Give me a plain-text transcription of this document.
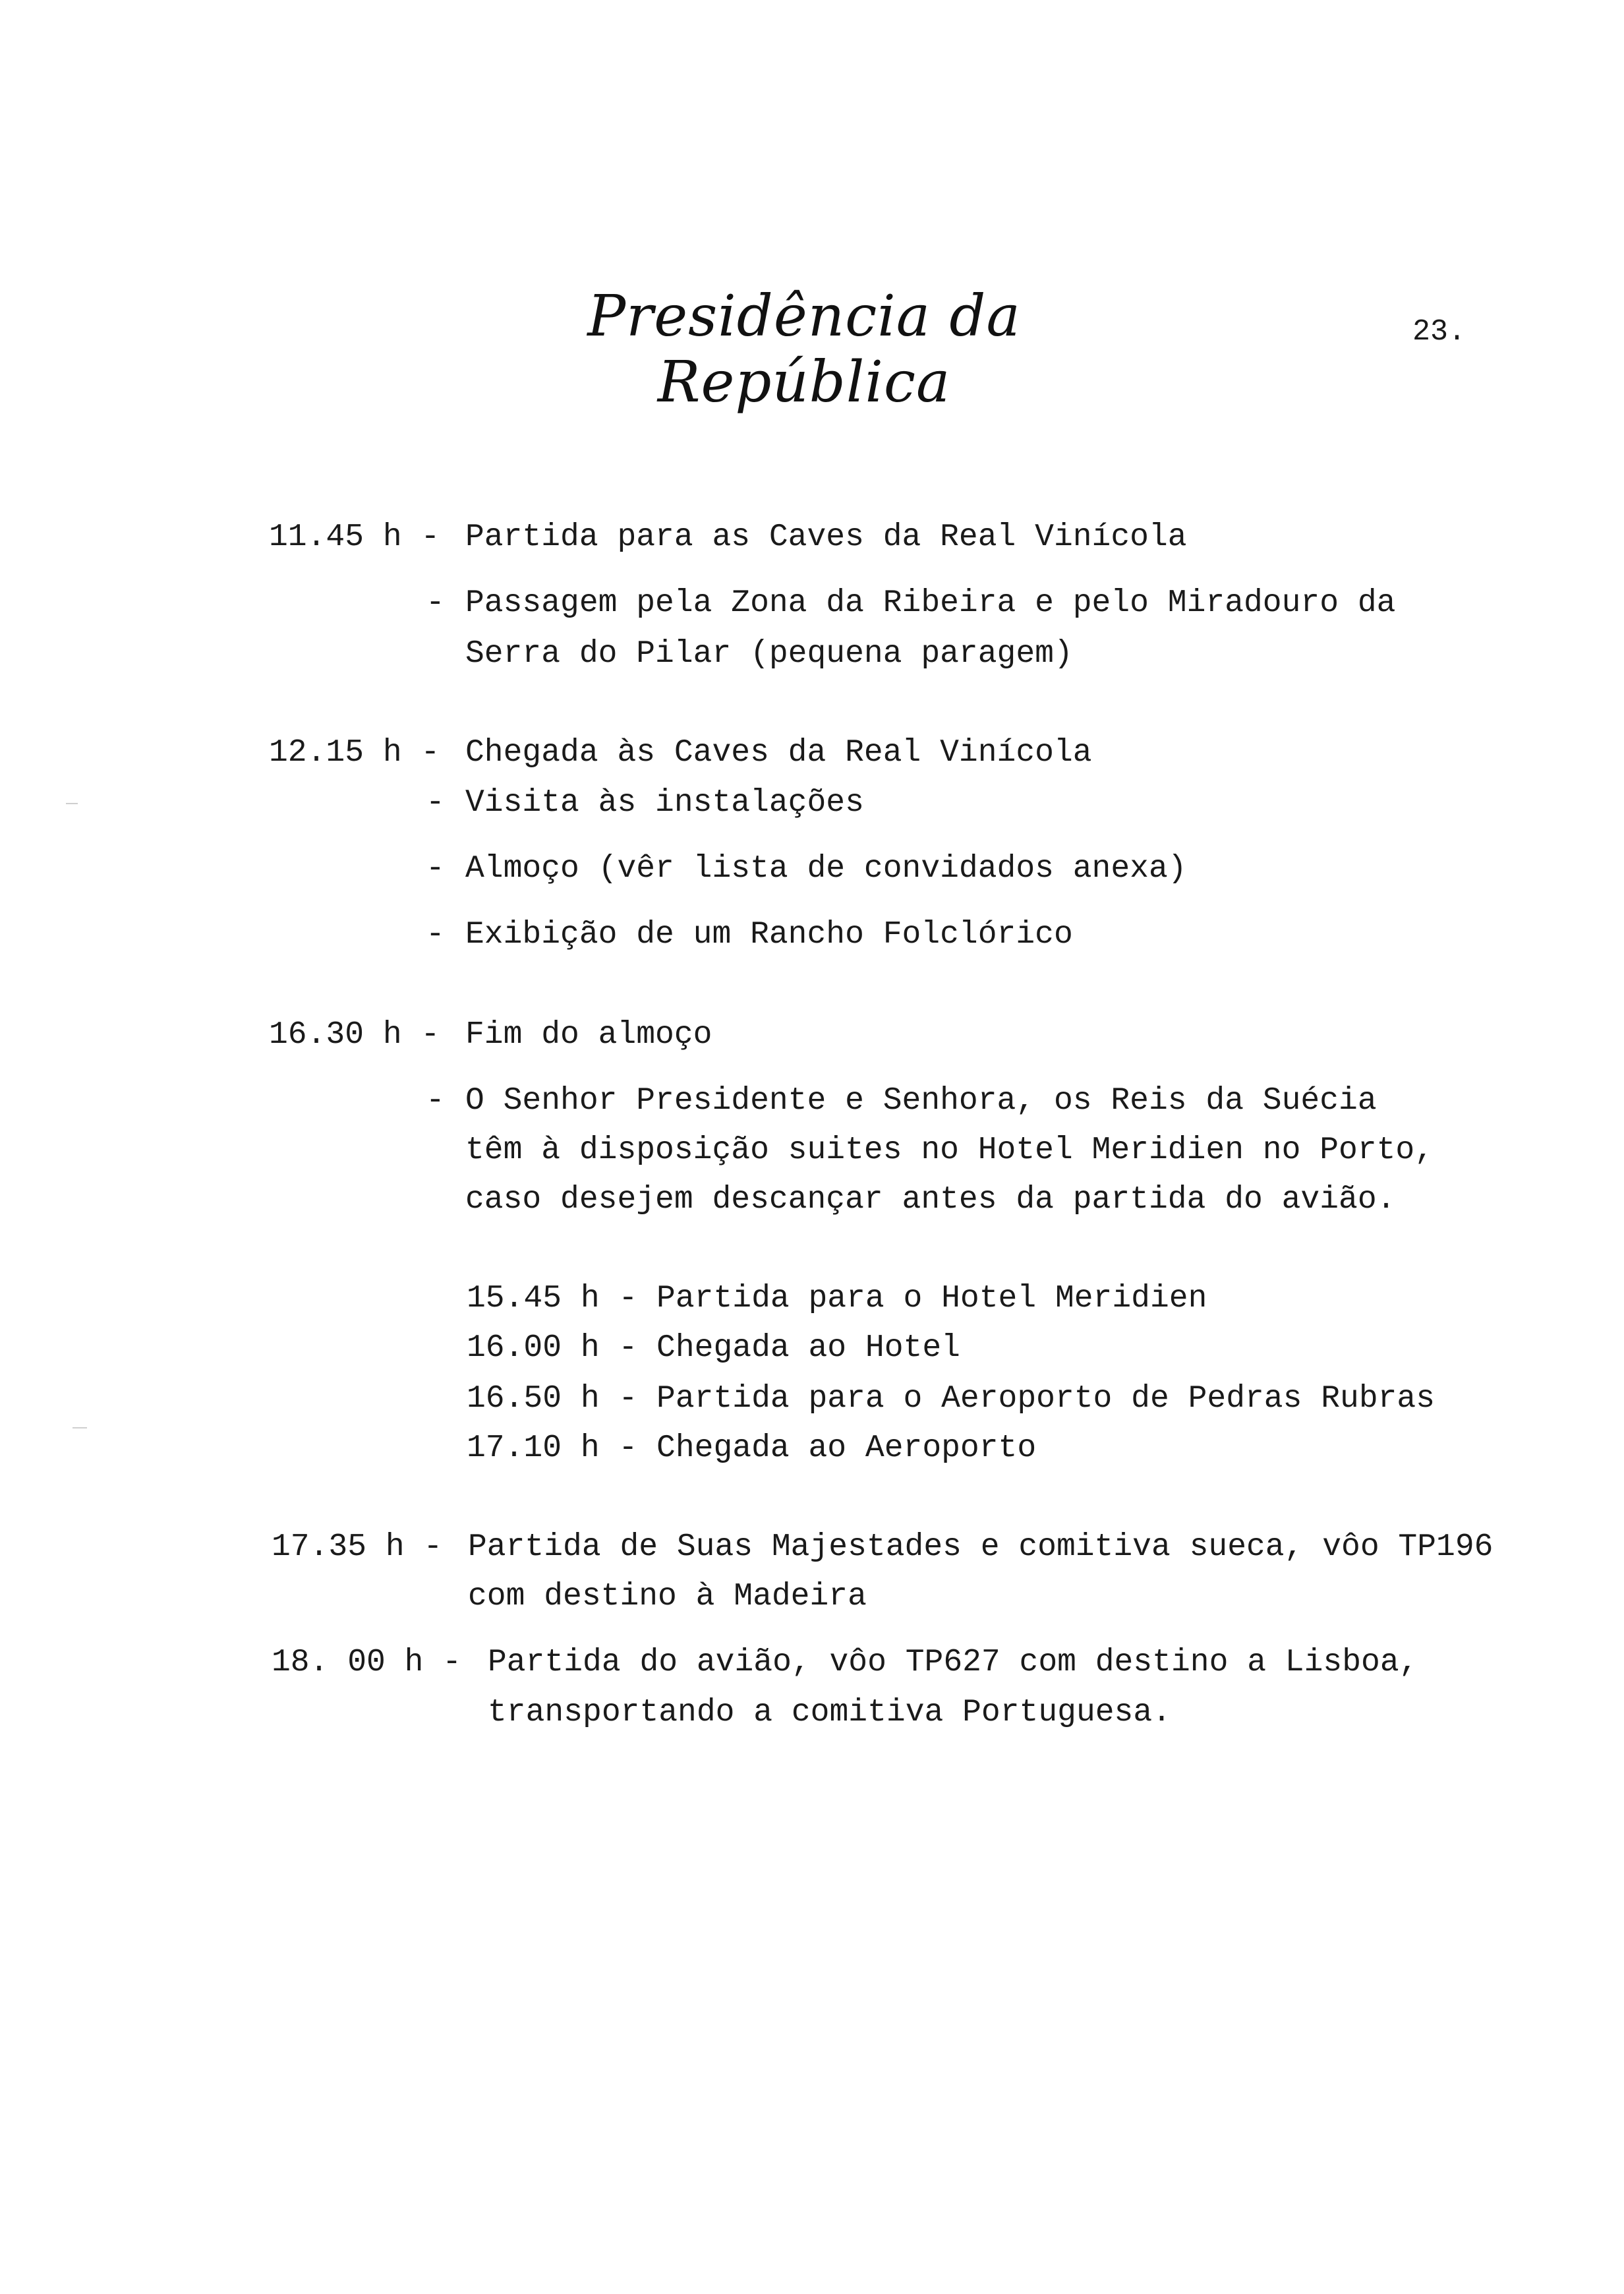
Presidência da República
23.
11.45 h - Partida para as Caves da Real Vinícola
- Passagem pela Zona da Ribeira e pelo Miradouro da
Serra do Pilar (pequena paragem)
12.15 h - Chegada às Caves da Real Vinícola
- Visita às instalações
- Almoço (vêr lista de convidados anexa)
- Exibição de um Rancho Folclórico
16.30 h - Fim do almoço
- O Senhor Presidente e Senhora, os Reis da Suécia
têm à disposição suites no Hotel Meridien no Porto,
caso desejem descançar antes da partida do avião.
15.45 h - Partida para o Hotel Meridien
16.00 h - Chegada ao Hotel
16.50 h - Partida para o Aeroporto de Pedras Rubras
17.10 h - Chegada ao Aeroporto
17.35 h - Partida de Suas Majestades e comitiva sueca, vôo TP196
com destino à Madeira
18. 00 h - Partida do avião, vôo TP627 com destino a Lisboa,
transportando a comitiva Portuguesa.
